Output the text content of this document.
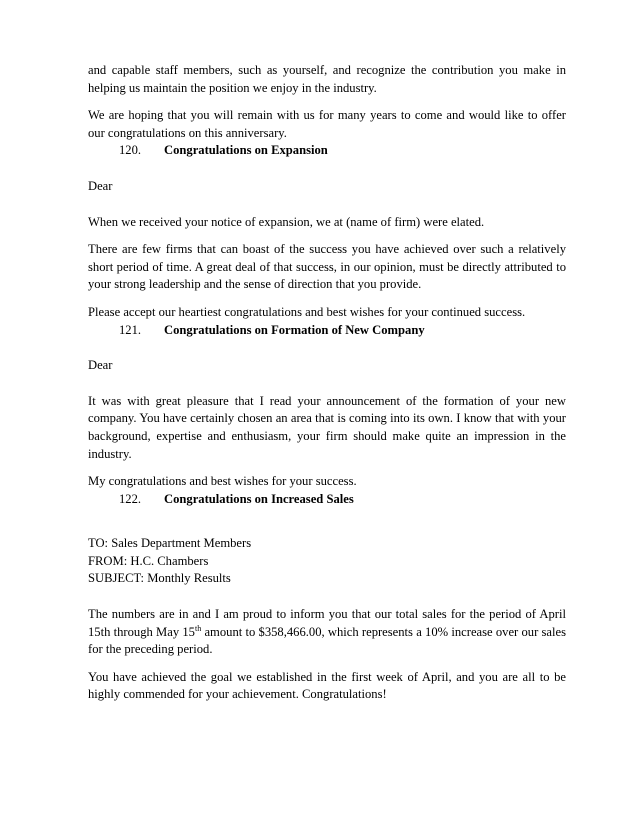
and capable staff members, such as yourself, and recognize the contribution you make in helping us maintain the position we enjoy in the industry.

We are hoping that you will remain with us for many years to come and would like to offer our congratulations on this anniversary.

120.	Congratulations on Expansion

Dear

When we received your notice of expansion, we at (name of firm) were elated.

There are few firms that can boast of the success you have achieved over such a relatively short period of time. A great deal of that success, in our opinion, must be directly attributed to your strong leadership and the sense of direction that you provide.

Please accept our heartiest congratulations and best wishes for your continued success.

121.	Congratulations on Formation of New Company

Dear

It was with great pleasure that I read your announcement of the formation of your new company. You have certainly chosen an area that is coming into its own. I know that with your background, expertise and enthusiasm, your firm should make quite an impression in the industry.

My congratulations and best wishes for your success.

122.	Congratulations on Increased Sales

TO: Sales Department Members

FROM: H.C. Chambers

SUBJECT: Monthly Results

The numbers are in and I am proud to inform you that our total sales for the period of April 15th through May 15th amount to $358,466.00, which represents a 10% increase over our sales for the preceding period.

You have achieved the goal we established in the first week of April, and you are all to be highly commended for your achievement. Congratulations!
